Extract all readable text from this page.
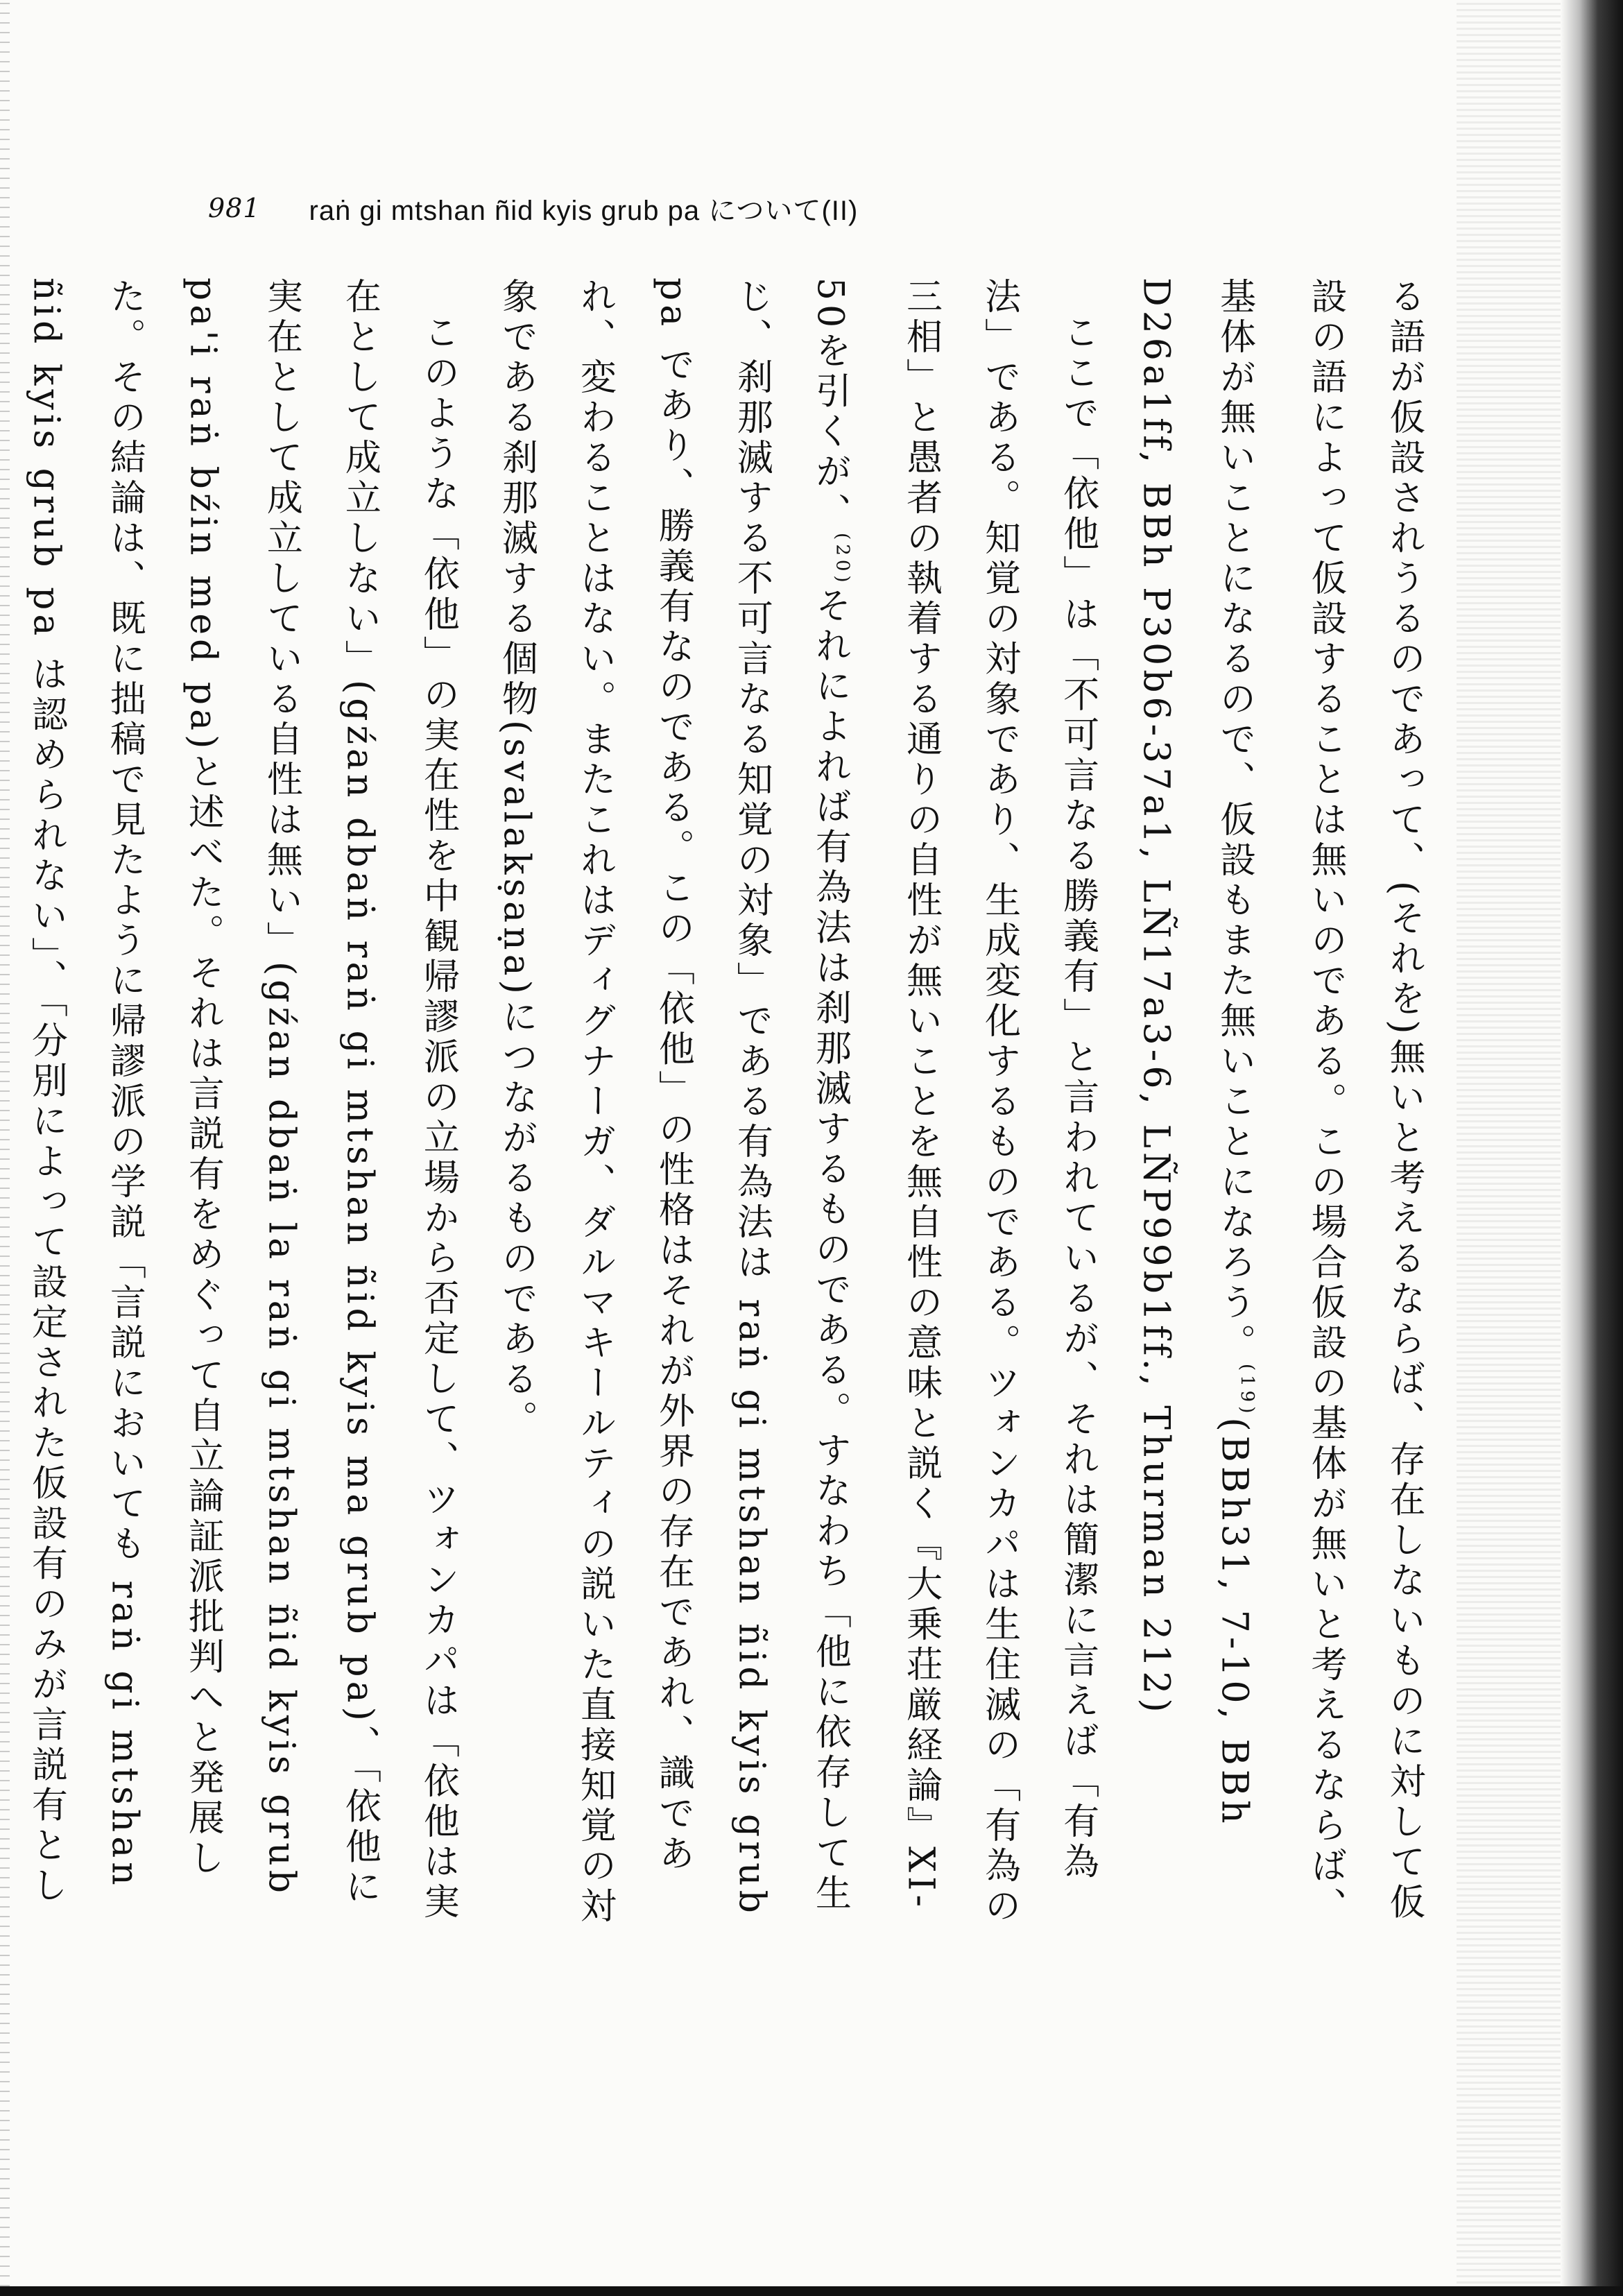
981 raṅ gi mtshan ñid kyis grub pa について(II)

る語が仮設されうるのであって、(それを)無いと考えるならば、存在しないものに対して仮設の語によって仮設することは無いのである。この場合仮設の基体が無いと考えるならば、基体が無いことになるので、仮設もまた無いことになろう。$^{(19)}$(BBh31, 7-10, BBh D26a1ff, BBh P30b6-37a1, LÑ17a3-6, LÑP99b1ff., Thurman 212)

ここで「依他」は「不可言なる勝義有」と言われているが、それは簡潔に言えば「有為法」である。知覚の対象であり、生成変化するものである。ツォンカパは生住滅の「有為の三相」と愚者の執着する通りの自性が無いことを無自性の意味と説く『大乗荘厳経論』XI-50を引くが、$^{(20)}$それによれば有為法は刹那滅するものである。すなわち「他に依存して生じ、刹那滅する不可言なる知覚の対象」である有為法は raṅ gi mtshan ñid kyis grub pa であり、勝義有なのである。この「依他」の性格はそれが外界の存在であれ、識であれ、変わることはない。またこれはディグナーガ、ダルマキールティの説いた直接知覚の対象である刹那滅する個物(svalakṣaṇa)につながるものである。

このような「依他」の実在性を中観帰謬派の立場から否定して、ツォンカパは「依他は実在として成立しない」(gźan dbaṅ raṅ gi mtshan ñid kyis ma grub pa)、「依他に実在として成立している自性は無い」(gźan dbaṅ la raṅ gi mtshan ñid kyis grub pa'i raṅ bźin med pa)と述べた。それは言説有をめぐって自立論証派批判へと発展した。その結論は、既に拙稿で見たように帰謬派の学説「言説においても raṅ gi mtshan ñid kyis grub pa は認められない」、「分別によって設定された仮設有のみが言説有とし
